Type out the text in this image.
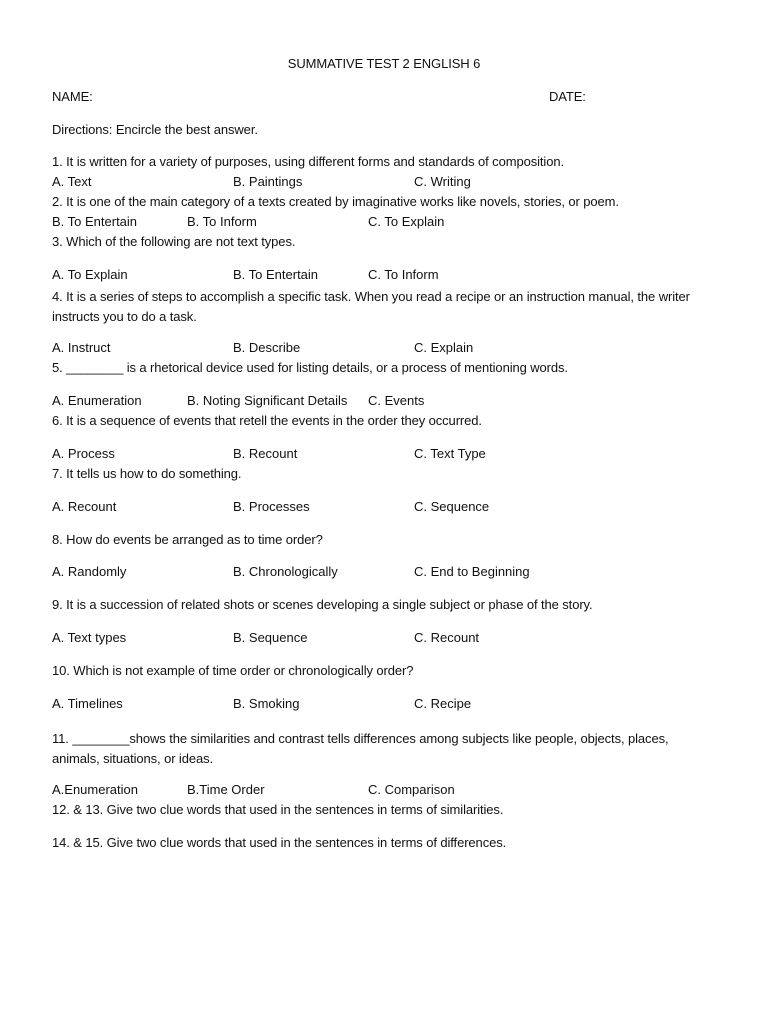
SUMMATIVE TEST 2 ENGLISH 6
NAME:	DATE:
Directions: Encircle the best answer.
1. It is written for a variety of purposes, using different forms and standards of composition.
A. Text	B. Paintings	C. Writing
2. It is one of the main category of a texts created by imaginative works like novels, stories, or poem.
B. To Entertain	B. To Inform	C. To Explain
3. Which of the following are not text types.
A. To Explain	B. To Entertain	C. To Inform
4. It is a series of steps to accomplish a specific task. When you read a recipe or an instruction manual, the writer instructs you to do a task.
A. Instruct	B. Describe	C. Explain
5. ________ is a rhetorical device used for listing details, or a process of mentioning words.
A. Enumeration	B. Noting Significant Details C. Events
6. It is a sequence of events that retell the events in the order they occurred.
A. Process	B. Recount	C. Text Type
7. It tells us how to do something.
A. Recount	B. Processes	C. Sequence
8. How do events be arranged as to time order?
A. Randomly	B. Chronologically	C. End to Beginning
9. It is a succession of related shots or scenes developing a single subject or phase of the story.
A. Text types	B. Sequence	C. Recount
10. Which is not example of time order or chronologically order?
A. Timelines	B. Smoking	C. Recipe
11. ________shows the similarities and contrast tells differences among subjects like people, objects, places, animals, situations, or ideas.
A.Enumeration	B.Time Order	C. Comparison
12. & 13. Give two clue words that used in the sentences in terms of similarities.
14. & 15. Give two clue words that used in the sentences in terms of differences.
